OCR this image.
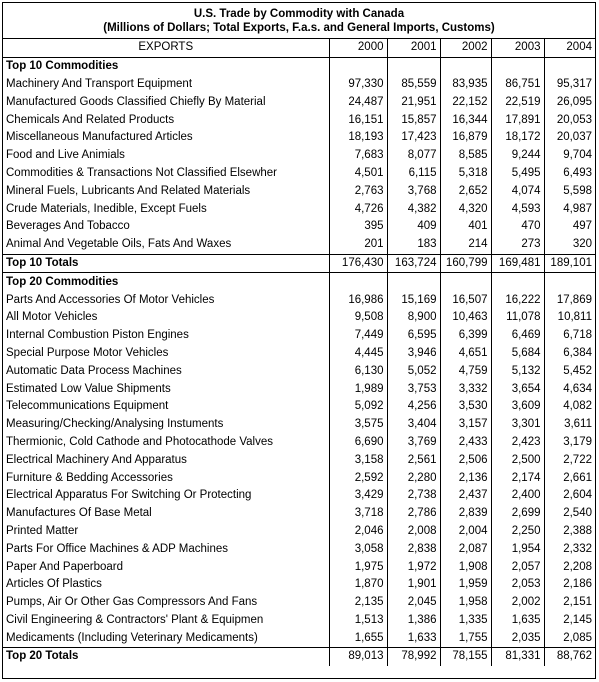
U.S. Trade by Commodity with Canada
(Millions of Dollars; Total Exports, F.a.s. and General Imports, Customs)
EXPORTS	2000	2001	2002	2003	2004
Top 10 Commodities					
Machinery And Transport Equipment	97,330	85,559	83,935	86,751	95,317
Manufactured Goods Classified Chiefly By Material	24,487	21,951	22,152	22,519	26,095
Chemicals And Related Products	16,151	15,857	16,344	17,891	20,053
Miscellaneous Manufactured Articles	18,193	17,423	16,879	18,172	20,037
Food and Live Animials	7,683	8,077	8,585	9,244	9,704
Commodities & Transactions Not Classified Elsewher	4,501	6,115	5,318	5,495	6,493
Mineral Fuels, Lubricants And Related Materials	2,763	3,768	2,652	4,074	5,598
Crude Materials, Inedible, Except Fuels	4,726	4,382	4,320	4,593	4,987
Beverages And Tobacco	395	409	401	470	497
Animal And Vegetable Oils, Fats And Waxes	201	183	214	273	320
Top 10 Totals	176,430	163,724	160,799	169,481	189,101
Top 20 Commodities					
Parts And Accessories Of Motor Vehicles	16,986	15,169	16,507	16,222	17,869
All Motor Vehicles	9,508	8,900	10,463	11,078	10,811
Internal Combustion Piston Engines	7,449	6,595	6,399	6,469	6,718
Special Purpose Motor Vehicles	4,445	3,946	4,651	5,684	6,384
Automatic Data Process Machines	6,130	5,052	4,759	5,132	5,452
Estimated Low Value Shipments	1,989	3,753	3,332	3,654	4,634
Telecommunications Equipment	5,092	4,256	3,530	3,609	4,082
Measuring/Checking/Analysing Instuments	3,575	3,404	3,157	3,301	3,611
Thermionic, Cold Cathode and Photocathode Valves	6,690	3,769	2,433	2,423	3,179
Electrical Machinery And Apparatus	3,158	2,561	2,506	2,500	2,722
Furniture & Bedding Accessories	2,592	2,280	2,136	2,174	2,661
Electrical Apparatus For Switching Or Protecting	3,429	2,738	2,437	2,400	2,604
Manufactures Of Base Metal	3,718	2,786	2,839	2,699	2,540
Printed Matter	2,046	2,008	2,004	2,250	2,388
Parts For Office Machines & ADP Machines	3,058	2,838	2,087	1,954	2,332
Paper And Paperboard	1,975	1,972	1,908	2,057	2,208
Articles Of Plastics	1,870	1,901	1,959	2,053	2,186
Pumps, Air Or Other Gas Compressors And Fans	2,135	2,045	1,958	2,002	2,151
Civil Engineering & Contractors' Plant & Equipmen	1,513	1,386	1,335	1,635	2,145
Medicaments (Including Veterinary Medicaments)	1,655	1,633	1,755	2,035	2,085
Top 20 Totals	89,013	78,992	78,155	81,331	88,762
